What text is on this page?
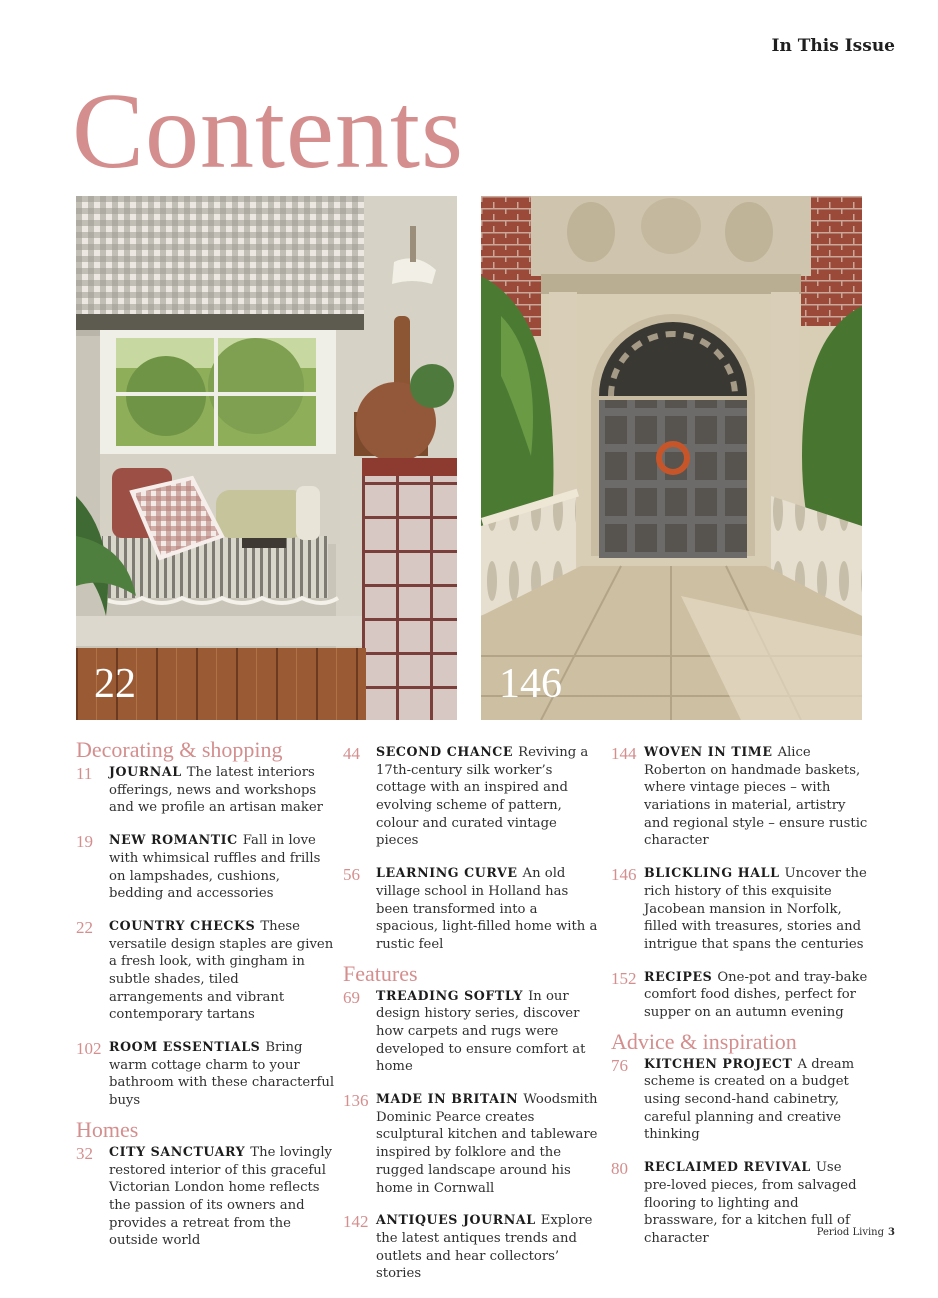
In This Issue
Contents
22	146
Decorating & shopping
11 JOURNAL The latest interiors offerings, news and workshops and we profile an artisan maker
19 NEW ROMANTIC Fall in love with whimsical ruffles and frills on lampshades, cushions, bedding and accessories
22 COUNTRY CHECKS These versatile design staples are given a fresh look, with gingham in subtle shades, tiled arrangements and vibrant contemporary tartans
102 ROOM ESSENTIALS Bring warm cottage charm to your bathroom with these characterful buys
Homes
32 CITY SANCTUARY The lovingly restored interior of this graceful Victorian London home reflects the passion of its owners and provides a retreat from the outside world
44 SECOND CHANCE Reviving a 17th-century silk worker’s cottage with an inspired and evolving scheme of pattern, colour and curated vintage pieces
56 LEARNING CURVE An old village school in Holland has been transformed into a spacious, light-filled home with a rustic feel
Features
69 TREADING SOFTLY In our design history series, discover how carpets and rugs were developed to ensure comfort at home
136 MADE IN BRITAIN Woodsmith Dominic Pearce creates sculptural kitchen and tableware inspired by folklore and the rugged landscape around his home in Cornwall
142 ANTIQUES JOURNAL Explore the latest antiques trends and outlets and hear collectors’ stories
144 WOVEN IN TIME Alice Roberton on handmade baskets, where vintage pieces – with variations in material, artistry and regional style – ensure rustic character
146 BLICKLING HALL Uncover the rich history of this exquisite Jacobean mansion in Norfolk, filled with treasures, stories and intrigue that spans the centuries
152 RECIPES One-pot and tray-bake comfort food dishes, perfect for supper on an autumn evening
Advice & inspiration
76 KITCHEN PROJECT A dream scheme is created on a budget using second-hand cabinetry, careful planning and creative thinking
80 RECLAIMED REVIVAL Use pre-loved pieces, from salvaged flooring to lighting and brassware, for a kitchen full of character	Period Living 3
